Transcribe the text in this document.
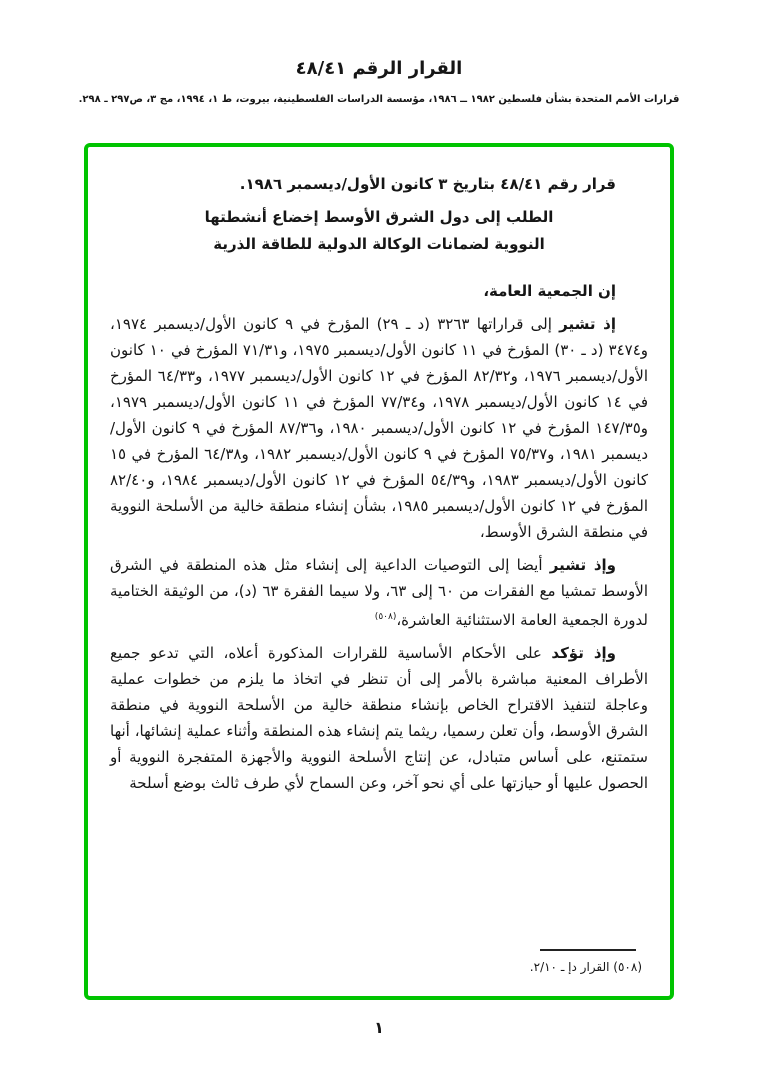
القرار الرقم ٤٨/٤١
قرارات الأمم المتحدة بشأن فلسطين ١٩٨٢ ــ ١٩٨٦، مؤسسة الدراسات الفلسطينية، بيروت، ط ١، ١٩٩٤، مج ٣، ص٢٩٧ ـ ٢٩٨.

قرار رقم ٤٨/٤١ بتاريخ ٣ كانون الأول/ديسمبر ١٩٨٦.

الطلب إلى دول الشرق الأوسط إخضاع أنشطتها

النووية لضمانات الوكالة الدولية للطاقة الذرية

إن الجمعية العامة،

إذ تشير إلى قراراتها ٣٢٦٣ (د ـ ٢٩) المؤرخ في ٩ كانون الأول/ديسمبر ١٩٧٤، و٣٤٧٤ (د ـ ٣٠) المؤرخ في ١١ كانون الأول/ديسمبر ١٩٧٥، و٧١/٣١ المؤرخ في ١٠ كانون الأول/ديسمبر ١٩٧٦، و٨٢/٣٢ المؤرخ في ١٢ كانون الأول/ديسمبر ١٩٧٧، و٦٤/٣٣ المؤرخ في ١٤ كانون الأول/ديسمبر ١٩٧٨، و٧٧/٣٤ المؤرخ في ١١ كانون الأول/ديسمبر ١٩٧٩، و١٤٧/٣٥ المؤرخ في ١٢ كانون الأول/ديسمبر ١٩٨٠، و٨٧/٣٦ المؤرخ في ٩ كانون الأول/ديسمبر ١٩٨١، و٧٥/٣٧ المؤرخ في ٩ كانون الأول/ديسمبر ١٩٨٢، و٦٤/٣٨ المؤرخ في ١٥ كانون الأول/ديسمبر ١٩٨٣، و٥٤/٣٩ المؤرخ في ١٢ كانون الأول/ديسمبر ١٩٨٤، و٨٢/٤٠ المؤرخ في ١٢ كانون الأول/ديسمبر ١٩٨٥، بشأن إنشاء منطقة خالية من الأسلحة النووية في منطقة الشرق الأوسط،

وإذ تشير أيضا إلى التوصيات الداعية إلى إنشاء مثل هذه المنطقة في الشرق الأوسط تمشيا مع الفقرات من ٦٠ إلى ٦٣، ولا سيما الفقرة ٦٣ (د)، من الوثيقة الختامية لدورة الجمعية العامة الاستثنائية العاشرة،$^{(٥٠٨)}$

وإذ تؤكد على الأحكام الأساسية للقرارات المذكورة أعلاه، التي تدعو جميع الأطراف المعنية مباشرة بالأمر إلى أن تنظر في اتخاذ ما يلزم من خطوات عملية وعاجلة لتنفيذ الاقتراح الخاص بإنشاء منطقة خالية من الأسلحة النووية في منطقة الشرق الأوسط، وأن تعلن رسميا، ريثما يتم إنشاء هذه المنطقة وأثناء عملية إنشائها، أنها ستمتنع، على أساس متبادل، عن إنتاج الأسلحة النووية والأجهزة المتفجرة النووية أو الحصول عليها أو حيازتها على أي نحو آخر، وعن السماح لأي طرف ثالث بوضع أسلحة

(٥٠٨) القرار دإ ـ ٢/١٠.
١
